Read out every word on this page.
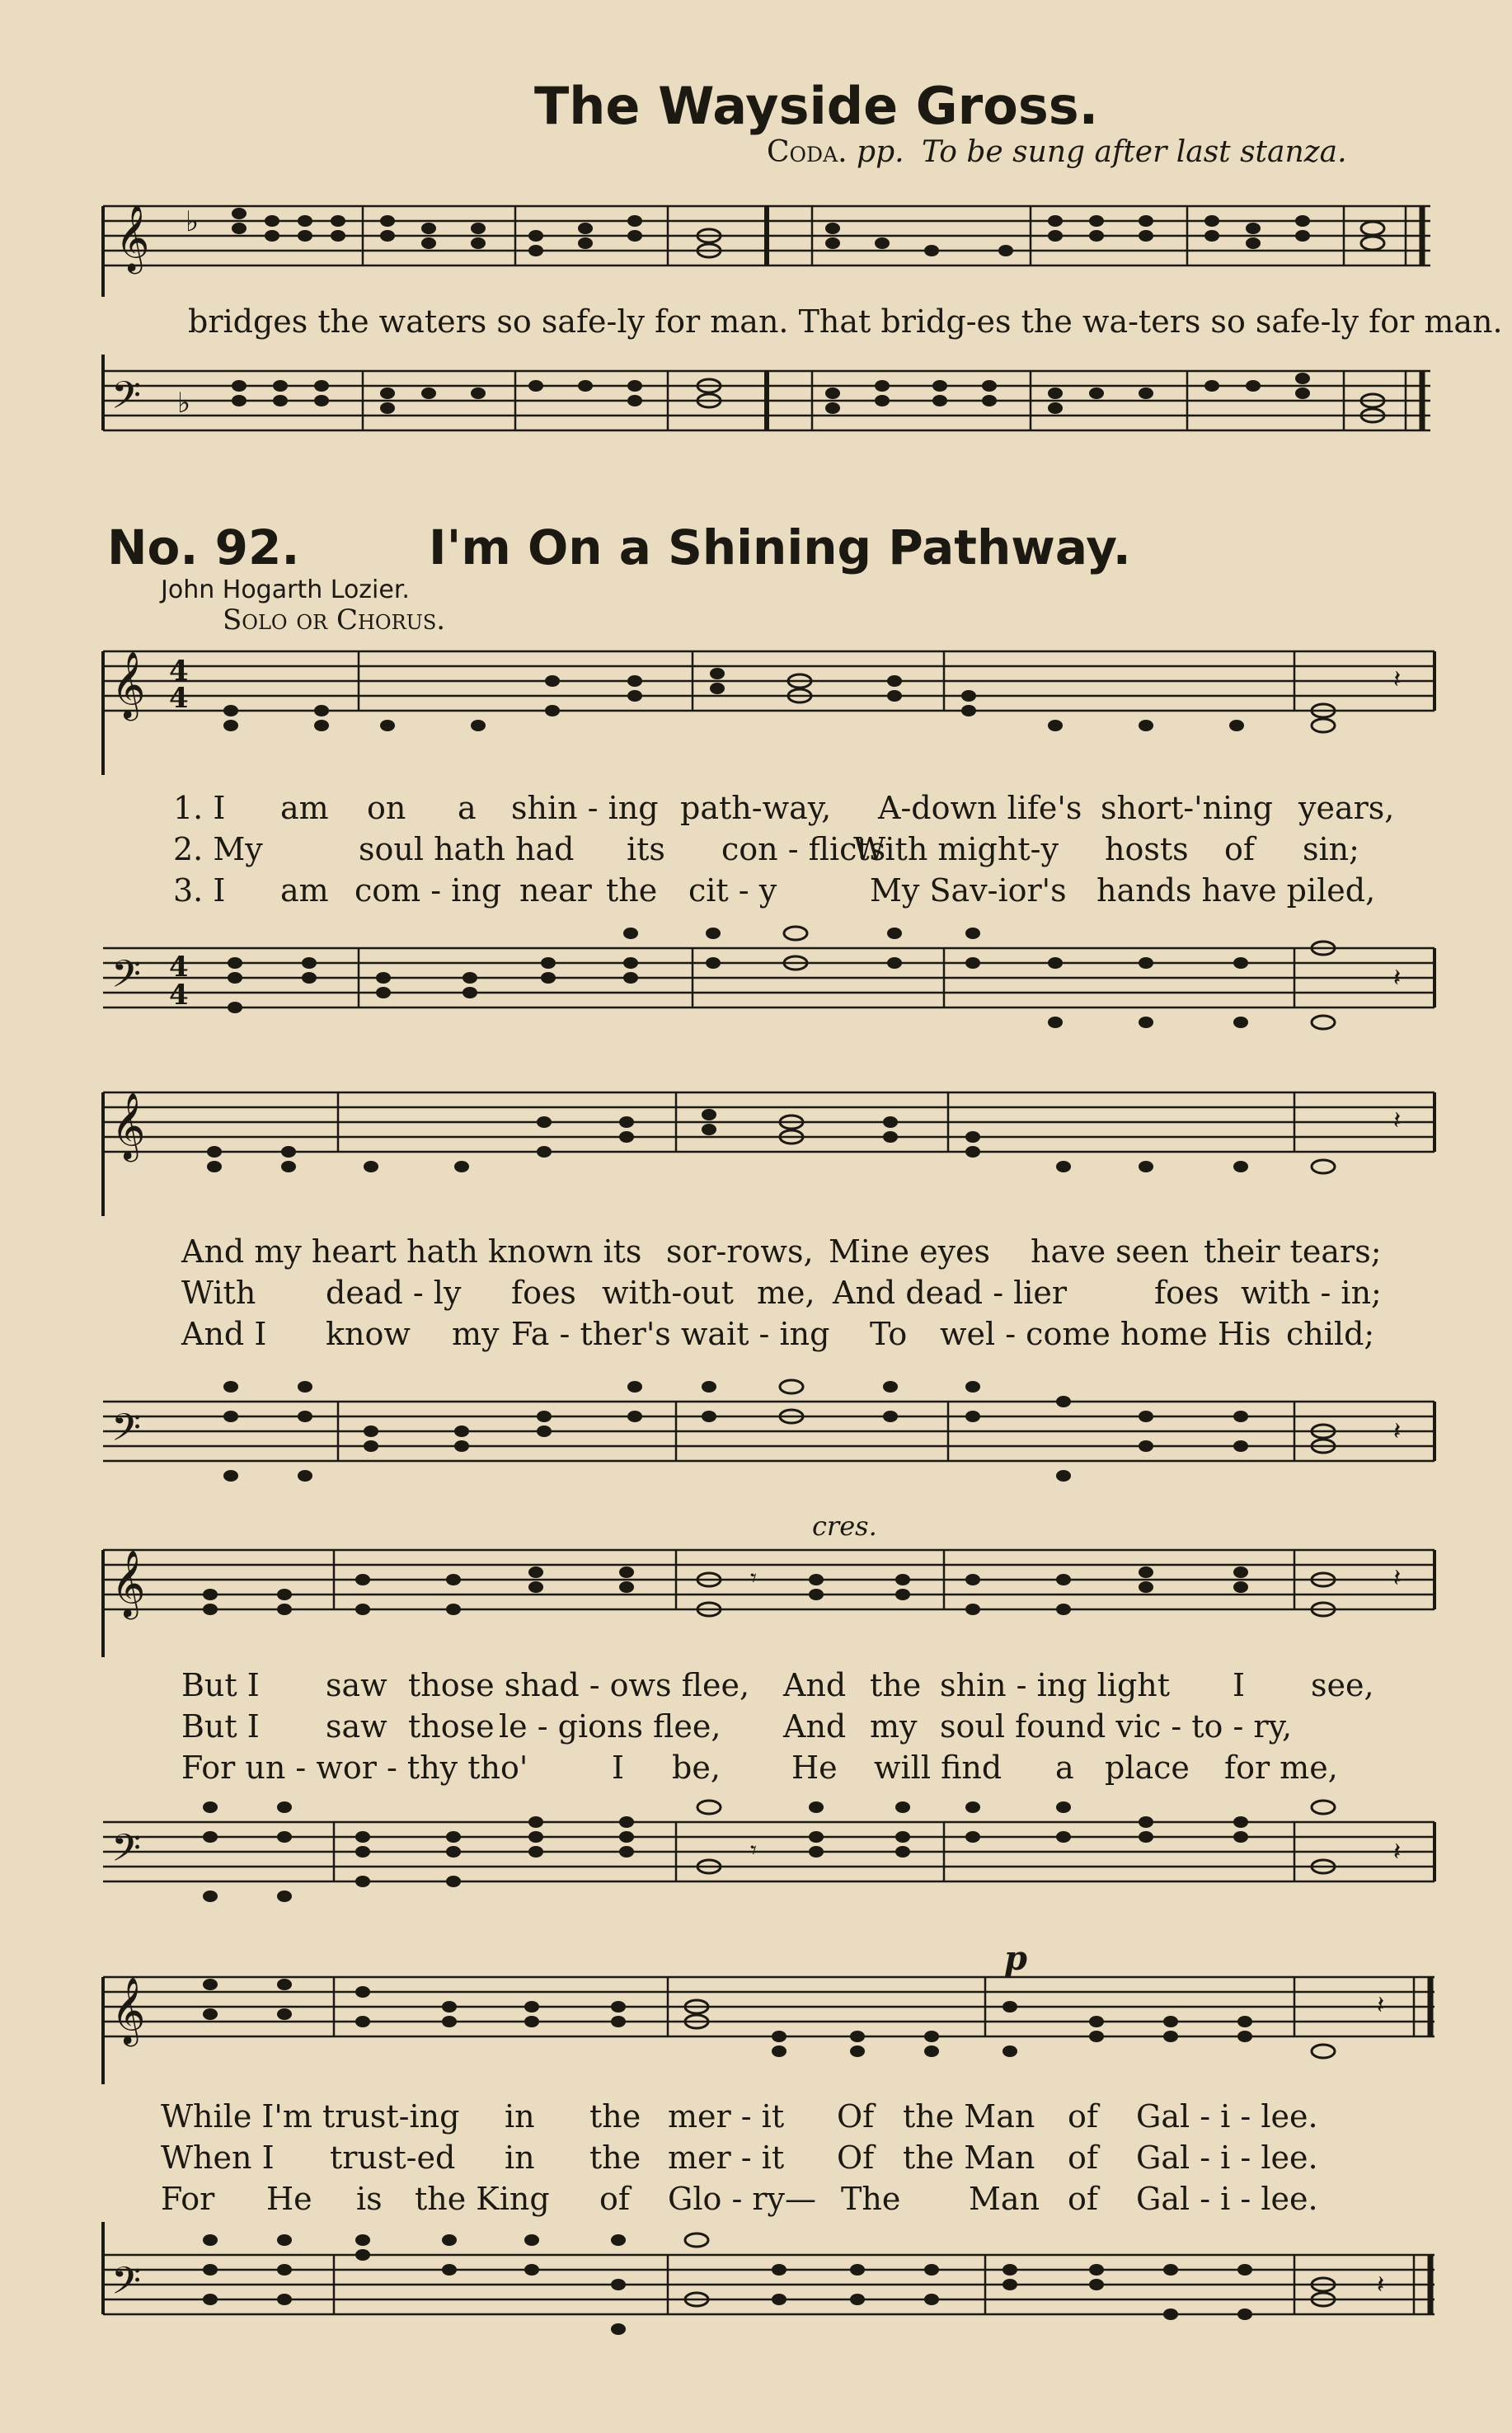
The Wayside Gross.
Coda. pp. To be sung after last stanza.
𝄞 ♭
bridges the waters so safe-ly for man. That bridg-es the wa-ters so safe-ly for man.
𝄢 ♭
No. 92.	I'm On a Shining Pathway.
John Hogarth Lozier.
Solo or Chorus.
𝄞 4
4
𝄽
1. I am on a shin - ing path-way, A-down life's short-'ning years,
2. My	soul hath had its con - flicts
With might-y hosts of sin;
3. I am com - ing near the cit - y	My Sav-ior's hands have piled,
𝄢 4
4
𝄽
𝄞	𝄽
And my heart hath known its sor-rows, Mine eyes have seen their tears;
With dead - ly foes with-out me, And dead - lier	foes with - in;
And I know my Fa - ther's wait - ing To wel - come home His child;
𝄢	𝄽
cres.
𝄞	𝄾	𝄽
But I saw those shad - ows flee, And the shin - ing light I see,
But I saw those le - gions flee, And my soul found vic - to - ry,
For un - wor - thy tho'	I be, He will find a place for me,
𝄢	𝄾	𝄽
p
𝄞	𝄽
While I'm trust-ing in the mer - it Of the Man of Gal - i - lee.
When I trust-ed in the mer - it Of the Man of Gal - i - lee.
For He is the King of Glo - ry— The Man of Gal - i - lee.
𝄢	𝄽
